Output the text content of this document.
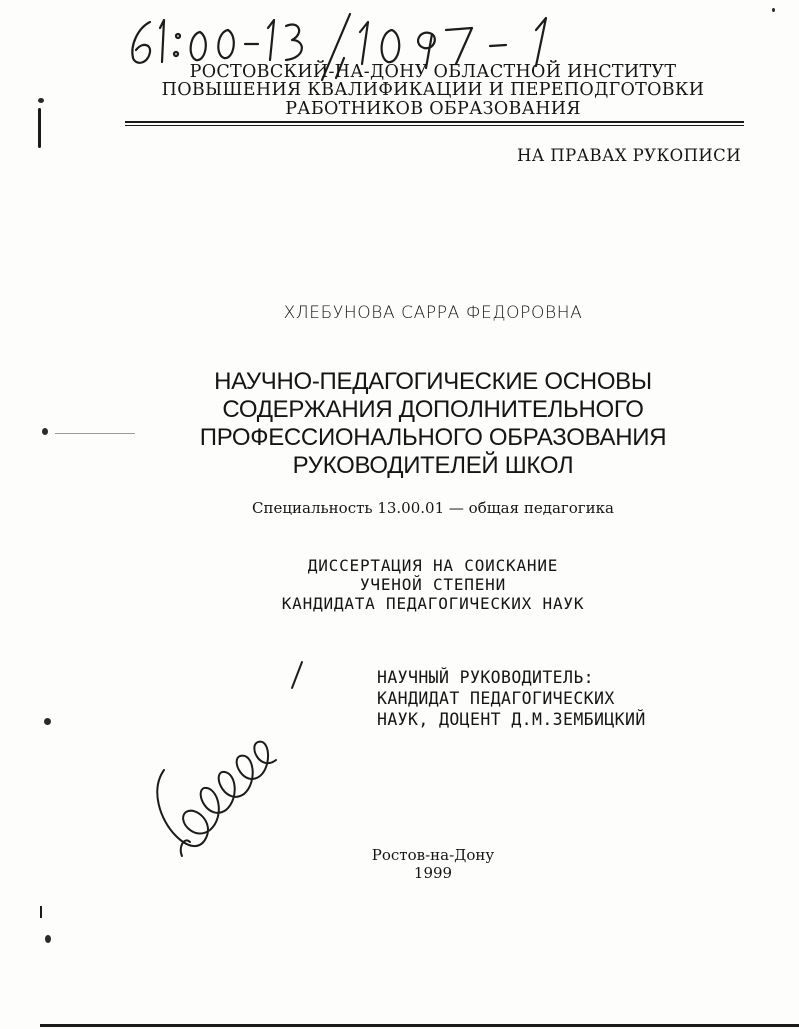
РОСТОВСКИЙ-НА-ДОНУ ОБЛАСТНОЙ ИНСТИТУТ
ПОВЫШЕНИЯ КВАЛИФИКАЦИИ И ПЕРЕПОДГОТОВКИ
РАБОТНИКОВ ОБРАЗОВАНИЯ
НА ПРАВАХ РУКОПИСИ
ХЛЕБУНОВА САРРА ФЕДОРОВНА
НАУЧНО-ПЕДАГОГИЧЕСКИЕ ОСНОВЫ
СОДЕРЖАНИЯ ДОПОЛНИТЕЛЬНОГО
ПРОФЕССИОНАЛЬНОГО ОБРАЗОВАНИЯ
РУКОВОДИТЕЛЕЙ ШКОЛ
Специальность 13.00.01 — общая педагогика
ДИССЕРТАЦИЯ НА СОИСКАНИЕ
УЧЕНОЙ СТЕПЕНИ
КАНДИДАТА ПЕДАГОГИЧЕСКИХ НАУК
НАУЧНЫЙ РУКОВОДИТЕЛЬ:
КАНДИДАТ ПЕДАГОГИЧЕСКИХ
НАУК, ДОЦЕНТ Д.М.ЗЕМБИЦКИЙ
Ростов-на-Дону
1999
